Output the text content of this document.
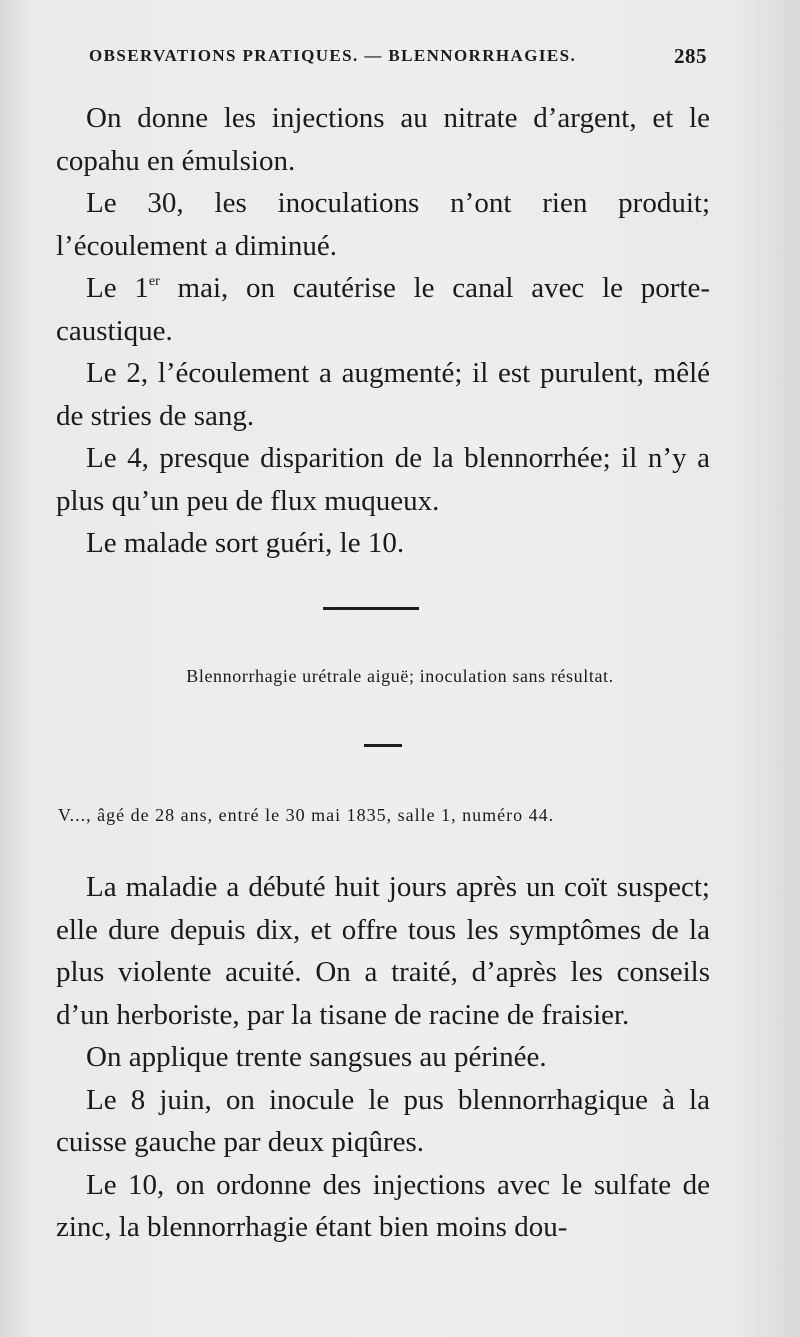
OBSERVATIONS PRATIQUES. — BLENNORRHAGIES.	285

On donne les injections au nitrate d’argent, et le copahu en émulsion.

Le 30, les inoculations n’ont rien produit; l’écoulement a diminué.

Le 1er mai, on cautérise le canal avec le porte-caustique.

Le 2, l’écoulement a augmenté; il est purulent, mêlé de stries de sang.

Le 4, presque disparition de la blennorrhée; il n’y a plus qu’un peu de flux muqueux.

Le malade sort guéri, le 10.

Blennorrhagie urétrale aiguë; inoculation sans résultat.
V..., âgé de 28 ans, entré le 30 mai 1835, salle 1, numéro 44.

La maladie a débuté huit jours après un coït suspect; elle dure depuis dix, et offre tous les symptômes de la plus violente acuité. On a traité, d’après les conseils d’un herboriste, par la tisane de racine de fraisier.

On applique trente sangsues au périnée.

Le 8 juin, on inocule le pus blennorrhagique à la cuisse gauche par deux piqûres.

Le 10, on ordonne des injections avec le sulfate de zinc, la blennorrhagie étant bien moins dou-
